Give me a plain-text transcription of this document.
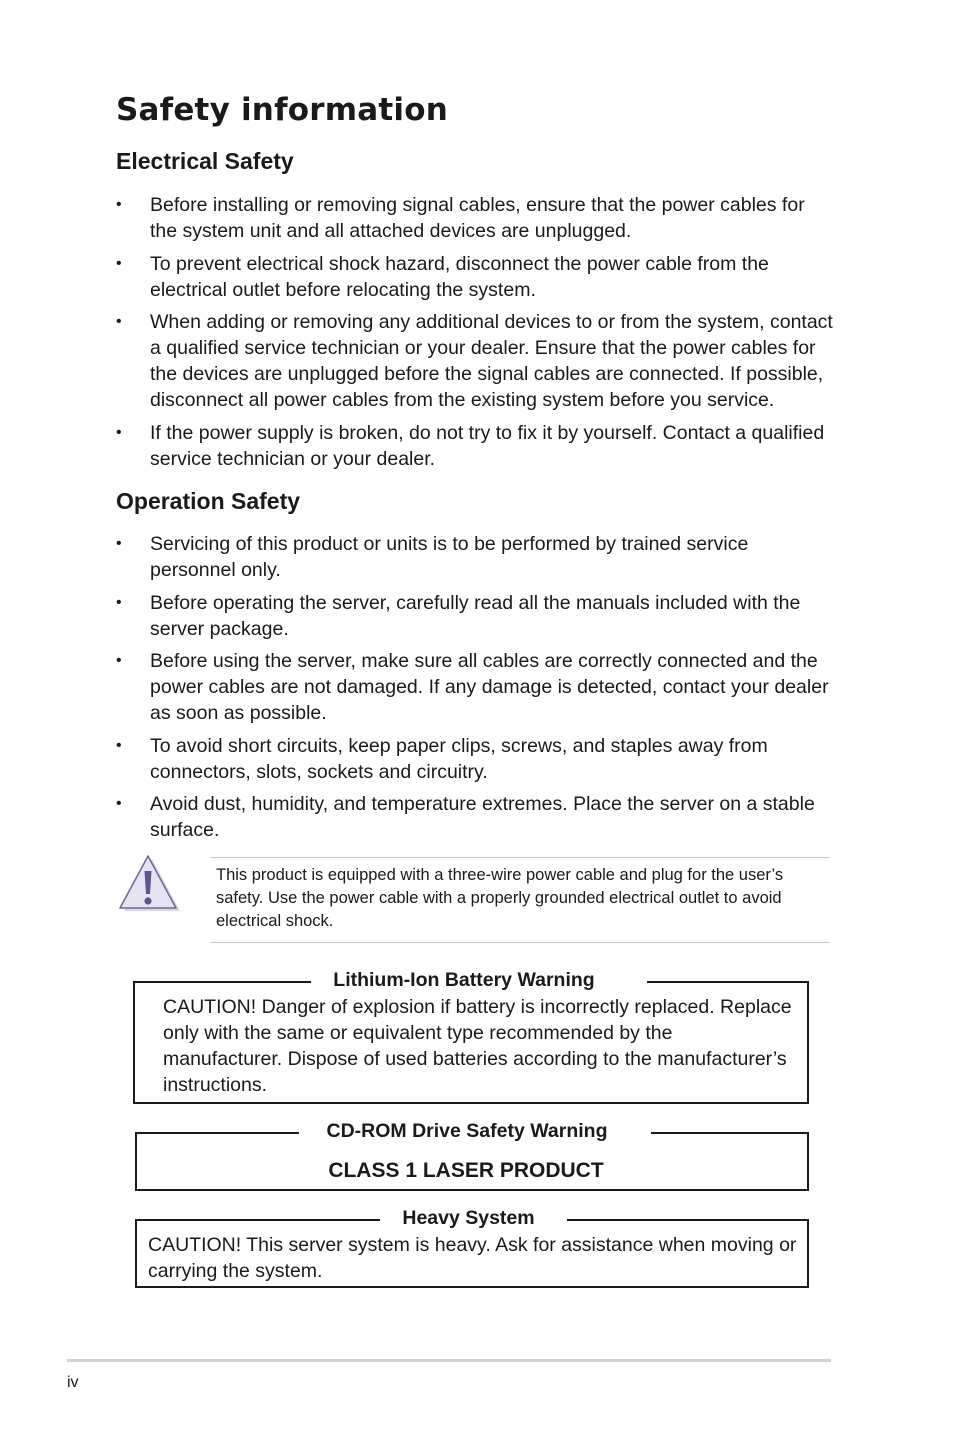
Safety information
Electrical Safety
• Before installing or removing signal cables, ensure that the power cables for the system unit and all attached devices are unplugged.
• To prevent electrical shock hazard, disconnect the power cable from the electrical outlet before relocating the system.
• When adding or removing any additional devices to or from the system, contact a qualified service technician or your dealer. Ensure that the power cables for the devices are unplugged before the signal cables are connected. If possible, disconnect all power cables from the existing system before you service.
• If the power supply is broken, do not try to fix it by yourself. Contact a qualified service technician or your dealer.
Operation Safety
• Servicing of this product or units is to be performed by trained service personnel only.
• Before operating the server, carefully read all the manuals included with the server package.
• Before using the server, make sure all cables are correctly connected and the power cables are not damaged. If any damage is detected, contact your dealer as soon as possible.
• To avoid short circuits, keep paper clips, screws, and staples away from connectors, slots, sockets and circuitry.
• Avoid dust, humidity, and temperature extremes. Place the server on a stable surface.

This product is equipped with a three-wire power cable and plug for the user’s safety. Use the power cable with a properly grounded electrical outlet to avoid electrical shock.

Lithium-Ion Battery Warning

CAUTION! Danger of explosion if battery is incorrectly replaced. Replace only with the same or equivalent type recommended by the manufacturer. Dispose of used batteries according to the manufacturer’s instructions.

CD-ROM Drive Safety Warning

CLASS 1 LASER PRODUCT

Heavy System

CAUTION! This server system is heavy. Ask for assistance when moving or carrying the system.

iv
